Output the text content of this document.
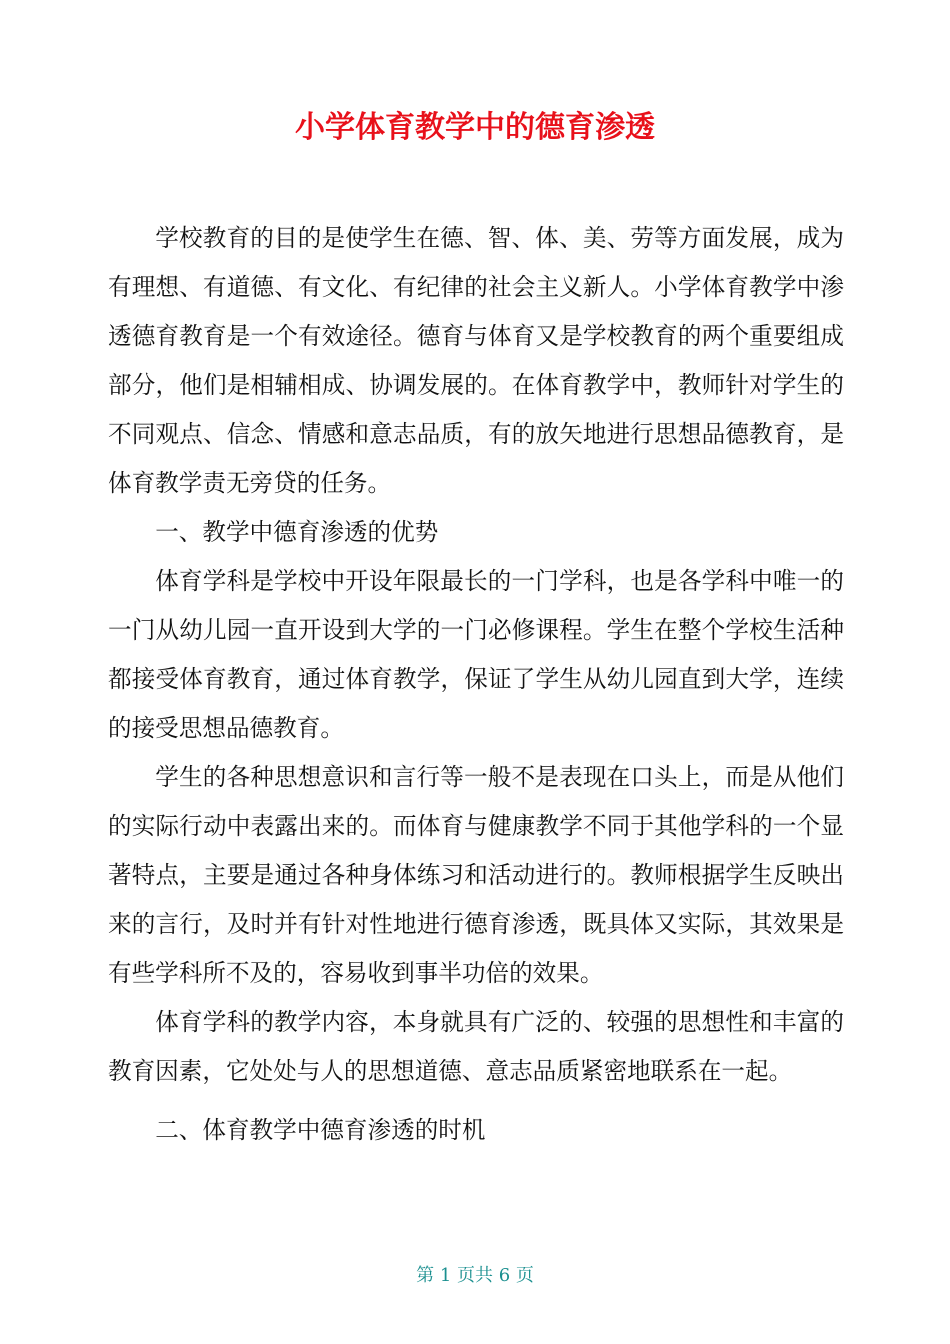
小学体育教学中的德育渗透

学校教育的目的是使学生在德、智、体、美、劳等方面发展，成为有理想、有道德、有文化、有纪律的社会主义新人。小学体育教学中渗透德育教育是一个有效途径。德育与体育又是学校教育的两个重要组成部分，他们是相辅相成、协调发展的。在体育教学中，教师针对学生的不同观点、信念、情感和意志品质，有的放矢地进行思想品德教育，是体育教学责无旁贷的任务。

一、教学中德育渗透的优势

体育学科是学校中开设年限最长的一门学科，也是各学科中唯一的一门从幼儿园一直开设到大学的一门必修课程。学生在整个学校生活种都接受体育教育，通过体育教学，保证了学生从幼儿园直到大学，连续的接受思想品德教育。

学生的各种思想意识和言行等一般不是表现在口头上，而是从他们的实际行动中表露出来的。而体育与健康教学不同于其他学科的一个显著特点，主要是通过各种身体练习和活动进行的。教师根据学生反映出来的言行，及时并有针对性地进行德育渗透，既具体又实际，其效果是有些学科所不及的，容易收到事半功倍的效果。

体育学科的教学内容，本身就具有广泛的、较强的思想性和丰富的教育因素，它处处与人的思想道德、意志品质紧密地联系在一起。

二、体育教学中德育渗透的时机

第 1 页共 6 页
